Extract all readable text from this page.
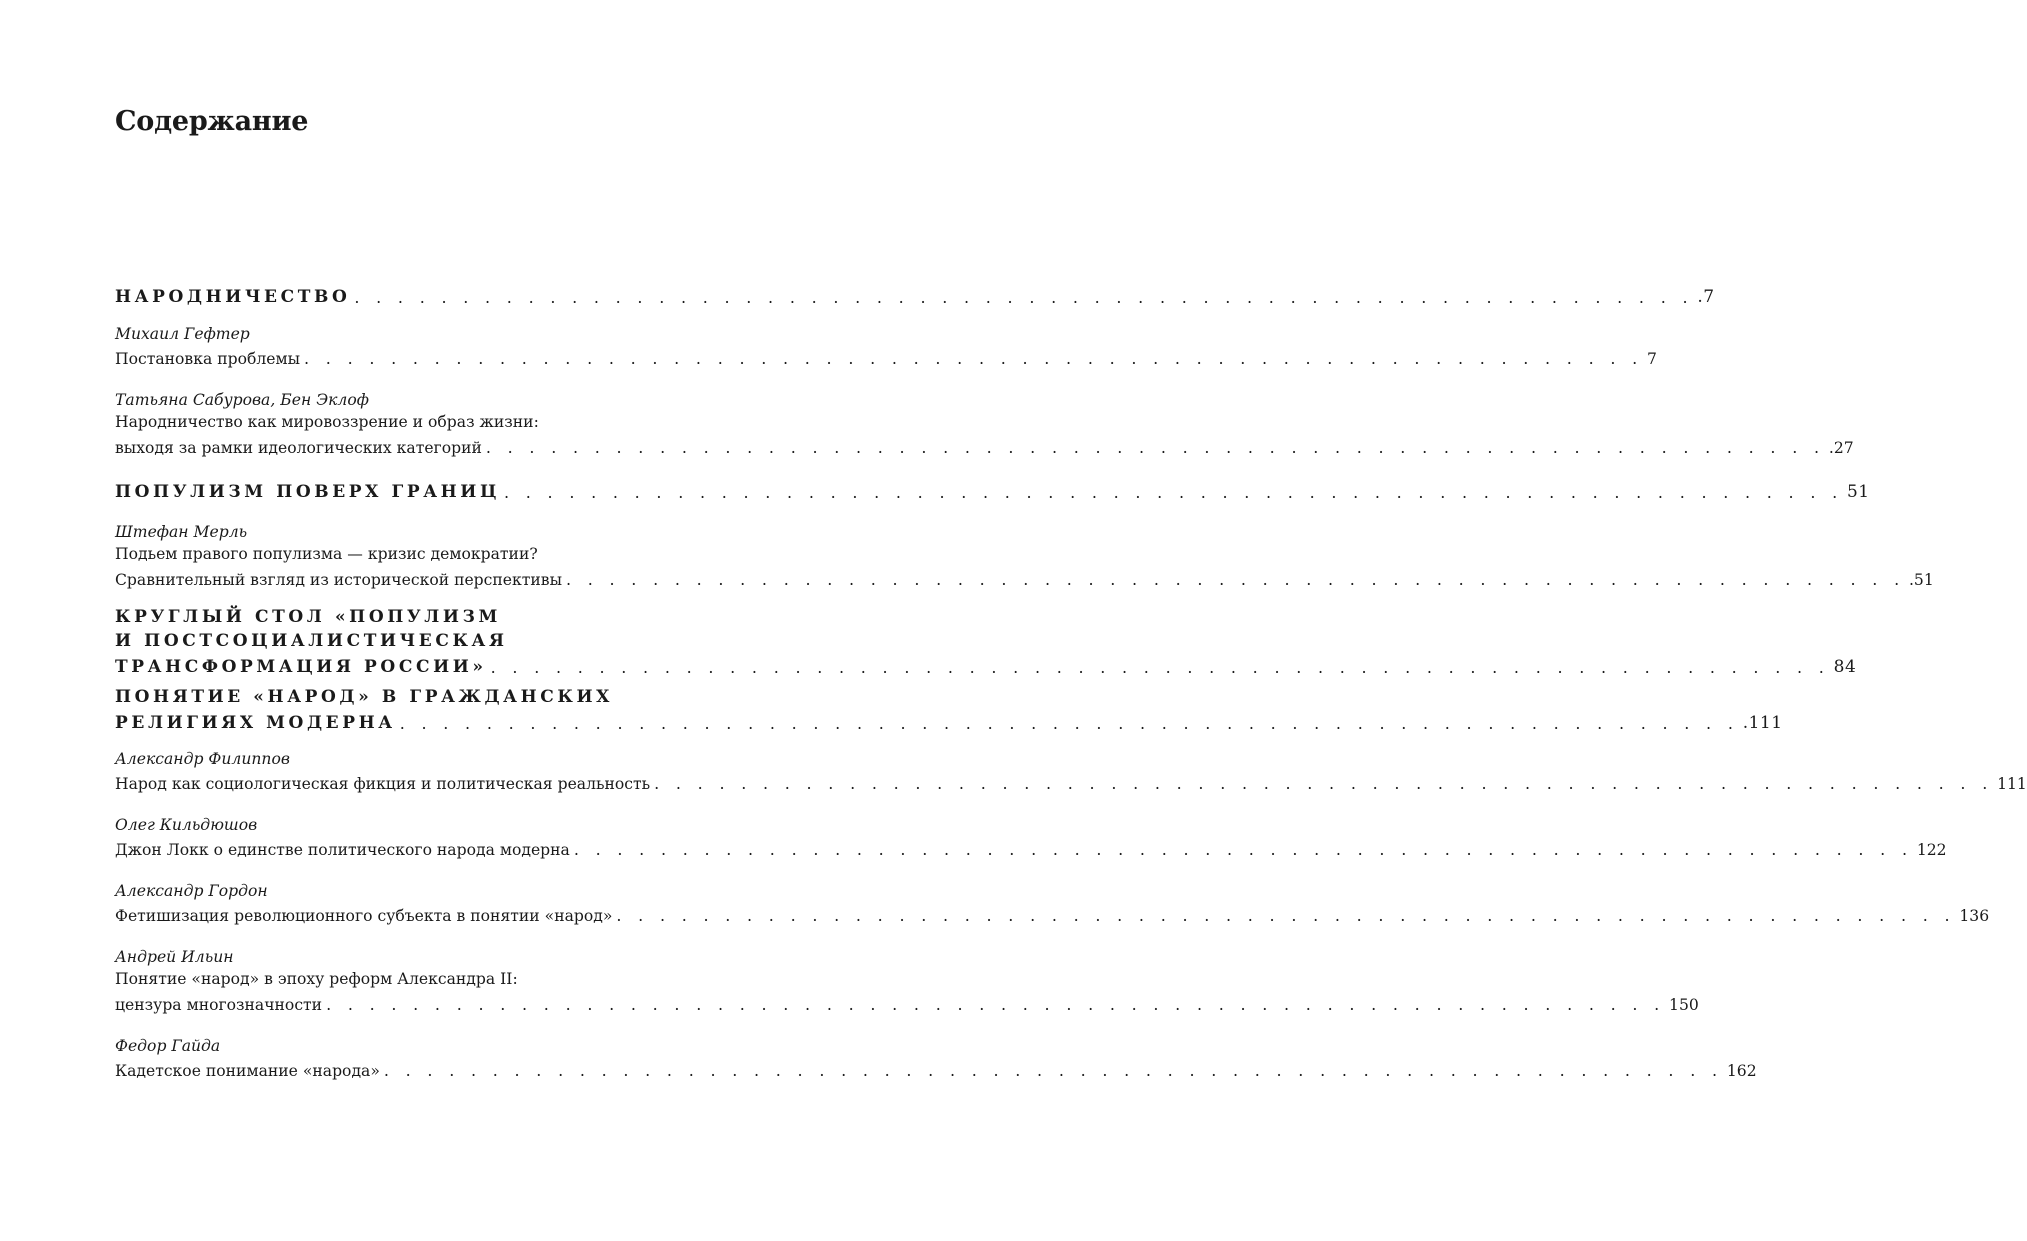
Содержание
НАРОДНИЧЕСТВО . . . . . . . . . . . . . . . . . . . . . . . . . . . . . . . . . . . . . . . . . . . . . . . . . . . . . . . . . . . . . . .7
Михаил Гефтер
Постановка проблемы . . . . . . . . . . . . . . . . . . . . . . . . . . . . . . . . . . . . . . . . . . . . . . . . . . . . . . . . . . . . . . 7
Татьяна Сабурова, Бен Эклоф
Народничество как мировоззрение и образ жизни:
выходя за рамки идеологических категорий . . . . . . . . . . . . . . . . . . . . . . . . . . . . . . . . . . . . . . . . . . . . . . . . . . . . . . . . . . . . . . .27
ПОПУЛИЗМ ПОВЕРХ ГРАНИЦ . . . . . . . . . . . . . . . . . . . . . . . . . . . . . . . . . . . . . . . . . . . . . . . . . . . . . . . . . . . . . . 51
Штефан Мерль
Подьем правого популизма — кризис демократии?
Сравнительный взгляд из исторической перспективы . . . . . . . . . . . . . . . . . . . . . . . . . . . . . . . . . . . . . . . . . . . . . . . . . . . . . . . . . . . . . . .51
КРУГЛЫЙ СТОЛ «ПОПУЛИЗМ
И ПОСТСОЦИАЛИСТИЧЕСКАЯ
ТРАНСФОРМАЦИЯ РОССИИ» . . . . . . . . . . . . . . . . . . . . . . . . . . . . . . . . . . . . . . . . . . . . . . . . . . . . . . . . . . . . . . 84
ПОНЯТИЕ «НАРОД» В ГРАЖДАНСКИХ
РЕЛИГИЯХ МОДЕРНА . . . . . . . . . . . . . . . . . . . . . . . . . . . . . . . . . . . . . . . . . . . . . . . . . . . . . . . . . . . . . . .111
Александр Филиппов
Народ как социологическая фикция и политическая реальность . . . . . . . . . . . . . . . . . . . . . . . . . . . . . . . . . . . . . . . . . . . . . . . . . . . . . . . . . . . . . . 111
Олег Кильдюшов
Джон Локк о единстве политического народа модерна . . . . . . . . . . . . . . . . . . . . . . . . . . . . . . . . . . . . . . . . . . . . . . . . . . . . . . . . . . . . . . 122
Александр Гордон
Фетишизация революционного субъекта в понятии «народ» . . . . . . . . . . . . . . . . . . . . . . . . . . . . . . . . . . . . . . . . . . . . . . . . . . . . . . . . . . . . . . 136
Андрей Ильин
Понятие «народ» в эпоху реформ Александра II:
цензура многозначности . . . . . . . . . . . . . . . . . . . . . . . . . . . . . . . . . . . . . . . . . . . . . . . . . . . . . . . . . . . . . . 150
Федор Гайда
Кадетское понимание «народа» . . . . . . . . . . . . . . . . . . . . . . . . . . . . . . . . . . . . . . . . . . . . . . . . . . . . . . . . . . . . . . 162
